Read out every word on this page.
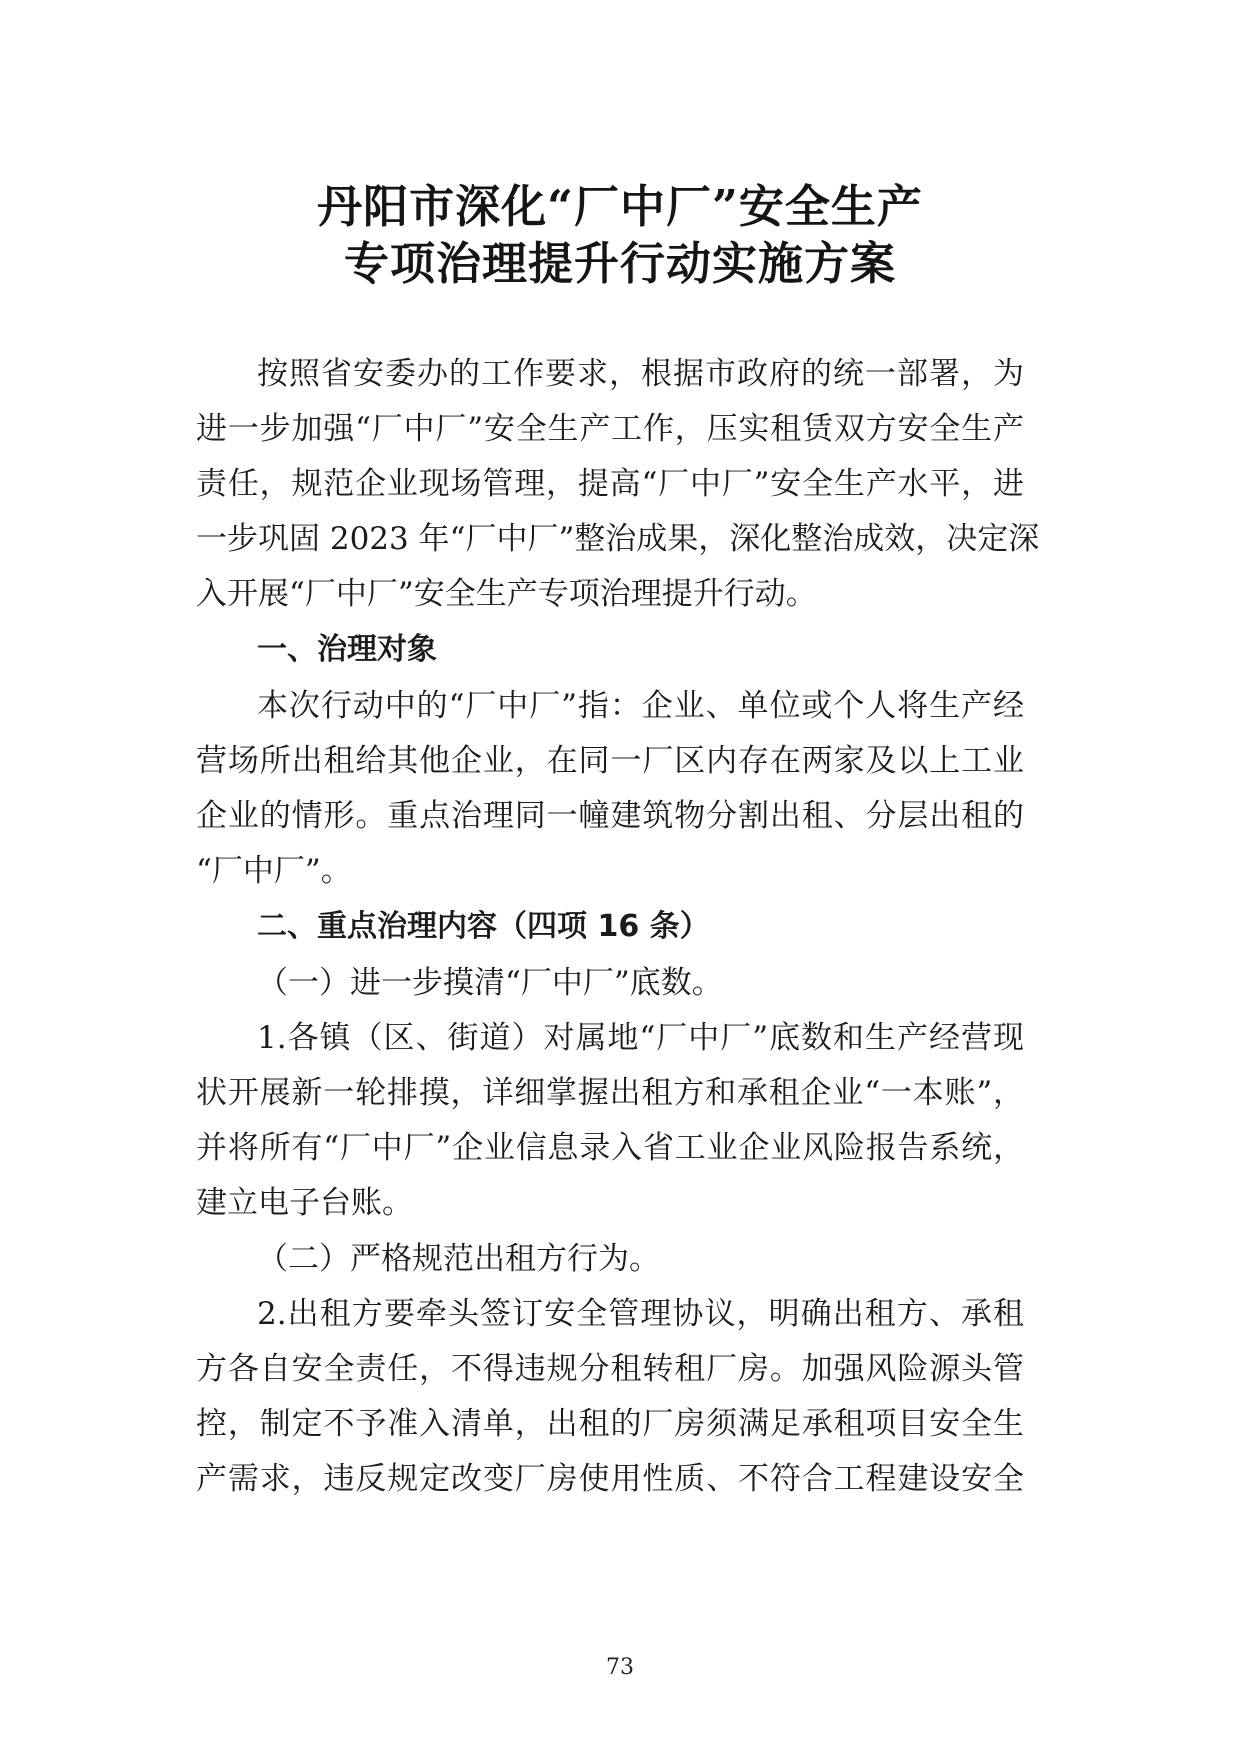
丹阳市深化“厂中厂”安全生产
专项治理提升行动实施方案
按照省安委办的工作要求，根据市政府的统一部署，为
进一步加强“厂中厂”安全生产工作，压实租赁双方安全生产
责任，规范企业现场管理，提高“厂中厂”安全生产水平，进
一步巩固 2023 年“厂中厂”整治成果，深化整治成效，决定深
入开展“厂中厂”安全生产专项治理提升行动。
一、治理对象
本次行动中的“厂中厂”指：企业、单位或个人将生产经
营场所出租给其他企业，在同一厂区内存在两家及以上工业
企业的情形。重点治理同一幢建筑物分割出租、分层出租的
“厂中厂”。
二、重点治理内容（四项 16 条）
（一）进一步摸清“厂中厂”底数。
1.各镇（区、街道）对属地“厂中厂”底数和生产经营现
状开展新一轮排摸，详细掌握出租方和承租企业“一本账”，
并将所有“厂中厂”企业信息录入省工业企业风险报告系统，
建立电子台账。
（二）严格规范出租方行为。
2.出租方要牵头签订安全管理协议，明确出租方、承租
方各自安全责任，不得违规分租转租厂房。加强风险源头管
控，制定不予准入清单，出租的厂房须满足承租项目安全生
产需求，违反规定改变厂房使用性质、不符合工程建设安全
73
